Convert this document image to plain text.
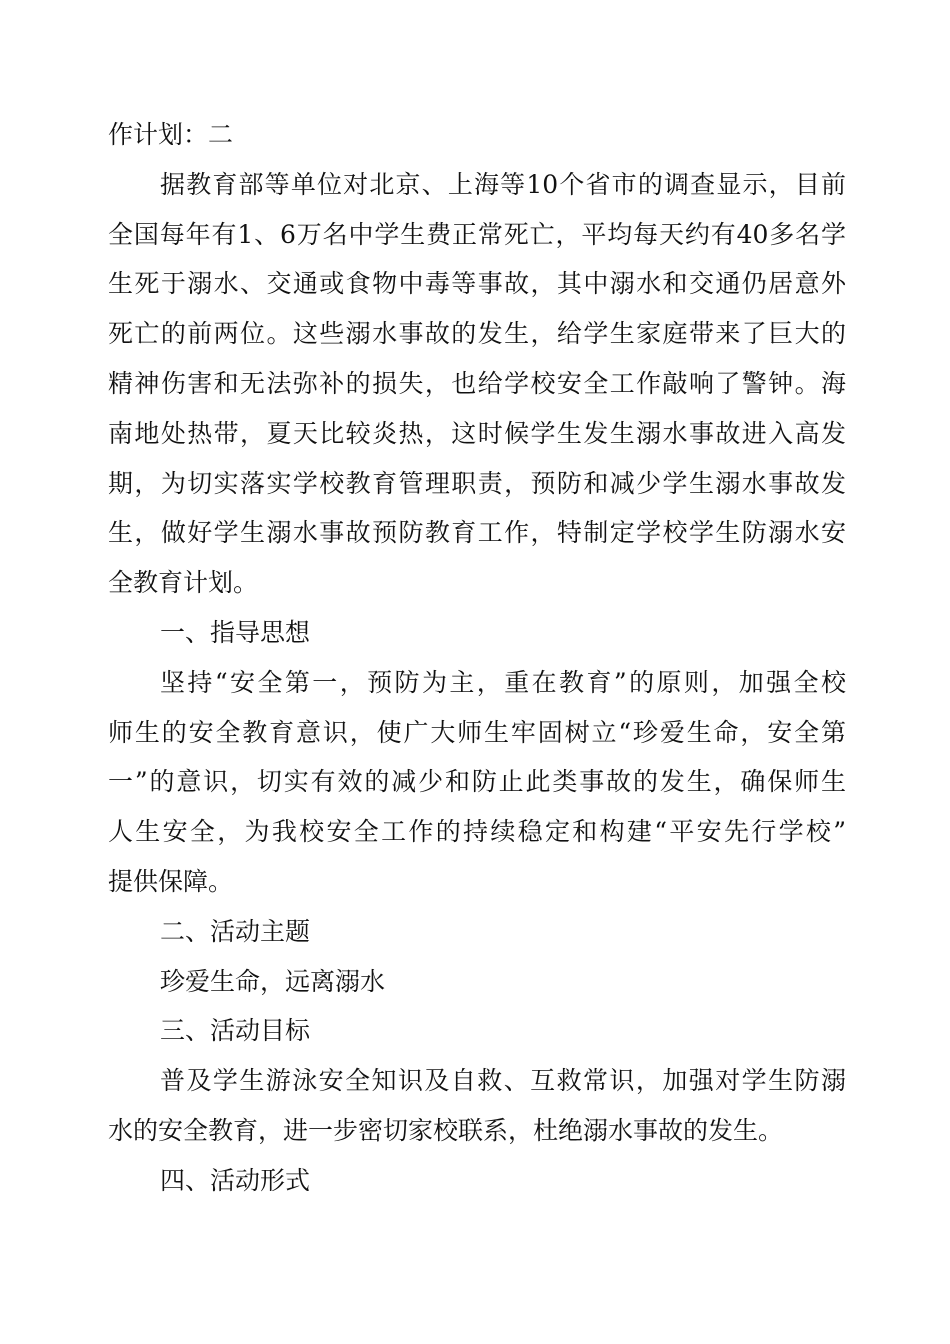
作计划：二
据教育部等单位对北京、上海等10个省市的调查显示，目前
全国每年有1、6万名中学生费正常死亡，平均每天约有40多名学
生死于溺水、交通或食物中毒等事故，其中溺水和交通仍居意外
死亡的前两位。这些溺水事故的发生，给学生家庭带来了巨大的
精神伤害和无法弥补的损失，也给学校安全工作敲响了警钟。海
南地处热带，夏天比较炎热，这时候学生发生溺水事故进入高发
期，为切实落实学校教育管理职责，预防和减少学生溺水事故发
生，做好学生溺水事故预防教育工作，特制定学校学生防溺水安
全教育计划。
一、指导思想
坚持“安全第一，预防为主，重在教育”的原则，加强全校
师生的安全教育意识，使广大师生牢固树立“珍爱生命，安全第
一”的意识，切实有效的减少和防止此类事故的发生，确保师生
人生安全，为我校安全工作的持续稳定和构建“平安先行学校”
提供保障。
二、活动主题
珍爱生命，远离溺水
三、活动目标
普及学生游泳安全知识及自救、互救常识，加强对学生防溺
水的安全教育，进一步密切家校联系，杜绝溺水事故的发生。
四、活动形式
